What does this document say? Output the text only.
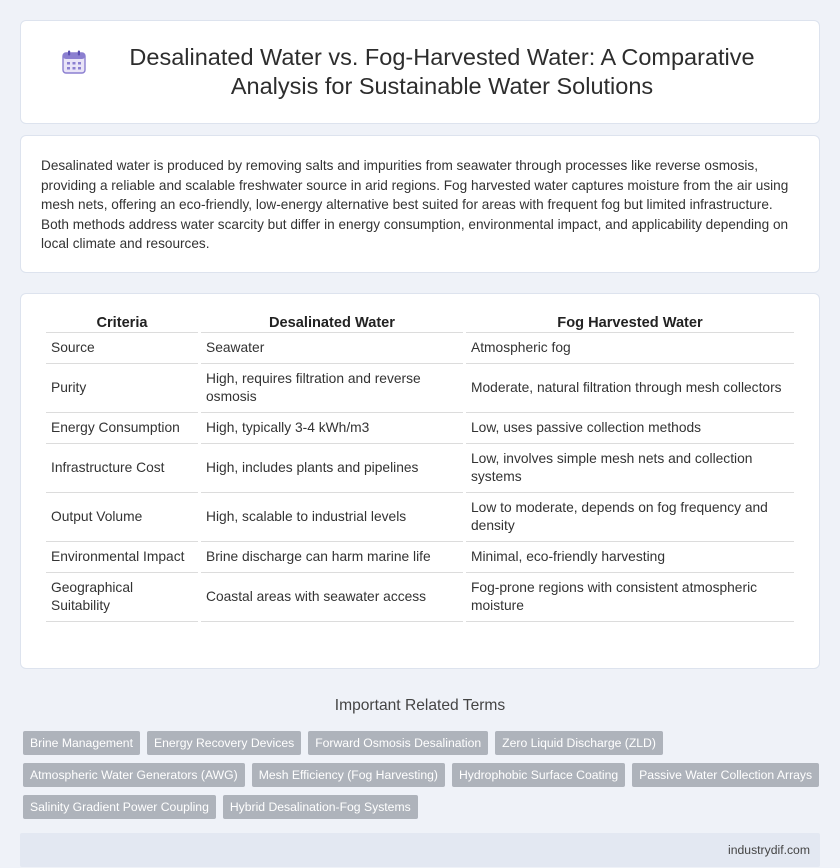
Desalinated Water vs. Fog-Harvested Water: A Comparative Analysis for Sustainable Water Solutions

Desalinated water is produced by removing salts and impurities from seawater through processes like reverse osmosis, providing a reliable and scalable freshwater source in arid regions. Fog harvested water captures moisture from the air using mesh nets, offering an eco-friendly, low-energy alternative best suited for areas with frequent fog but limited infrastructure. Both methods address water scarcity but differ in energy consumption, environmental impact, and applicability depending on local climate and resources.

Criteria	Desalinated Water	Fog Harvested Water
Source	Seawater	Atmospheric fog
Purity	High, requires filtration and reverse osmosis	Moderate, natural filtration through mesh collectors
Energy Consumption	High, typically 3-4 kWh/m3	Low, uses passive collection methods
Infrastructure Cost	High, includes plants and pipelines	Low, involves simple mesh nets and collection systems
Output Volume	High, scalable to industrial levels	Low to moderate, depends on fog frequency and density
Environmental Impact	Brine discharge can harm marine life	Minimal, eco-friendly harvesting
Geographical Suitability	Coastal areas with seawater access	Fog-prone regions with consistent atmospheric moisture
Important Related Terms
Brine Management	Energy Recovery Devices	Forward Osmosis Desalination	Zero Liquid Discharge (ZLD)
Atmospheric Water Generators (AWG)	Mesh Efficiency (Fog Harvesting)	Hydrophobic Surface Coating	Passive Water Collection Arrays
Salinity Gradient Power Coupling	Hybrid Desalination-Fog Systems
industrydif.com
